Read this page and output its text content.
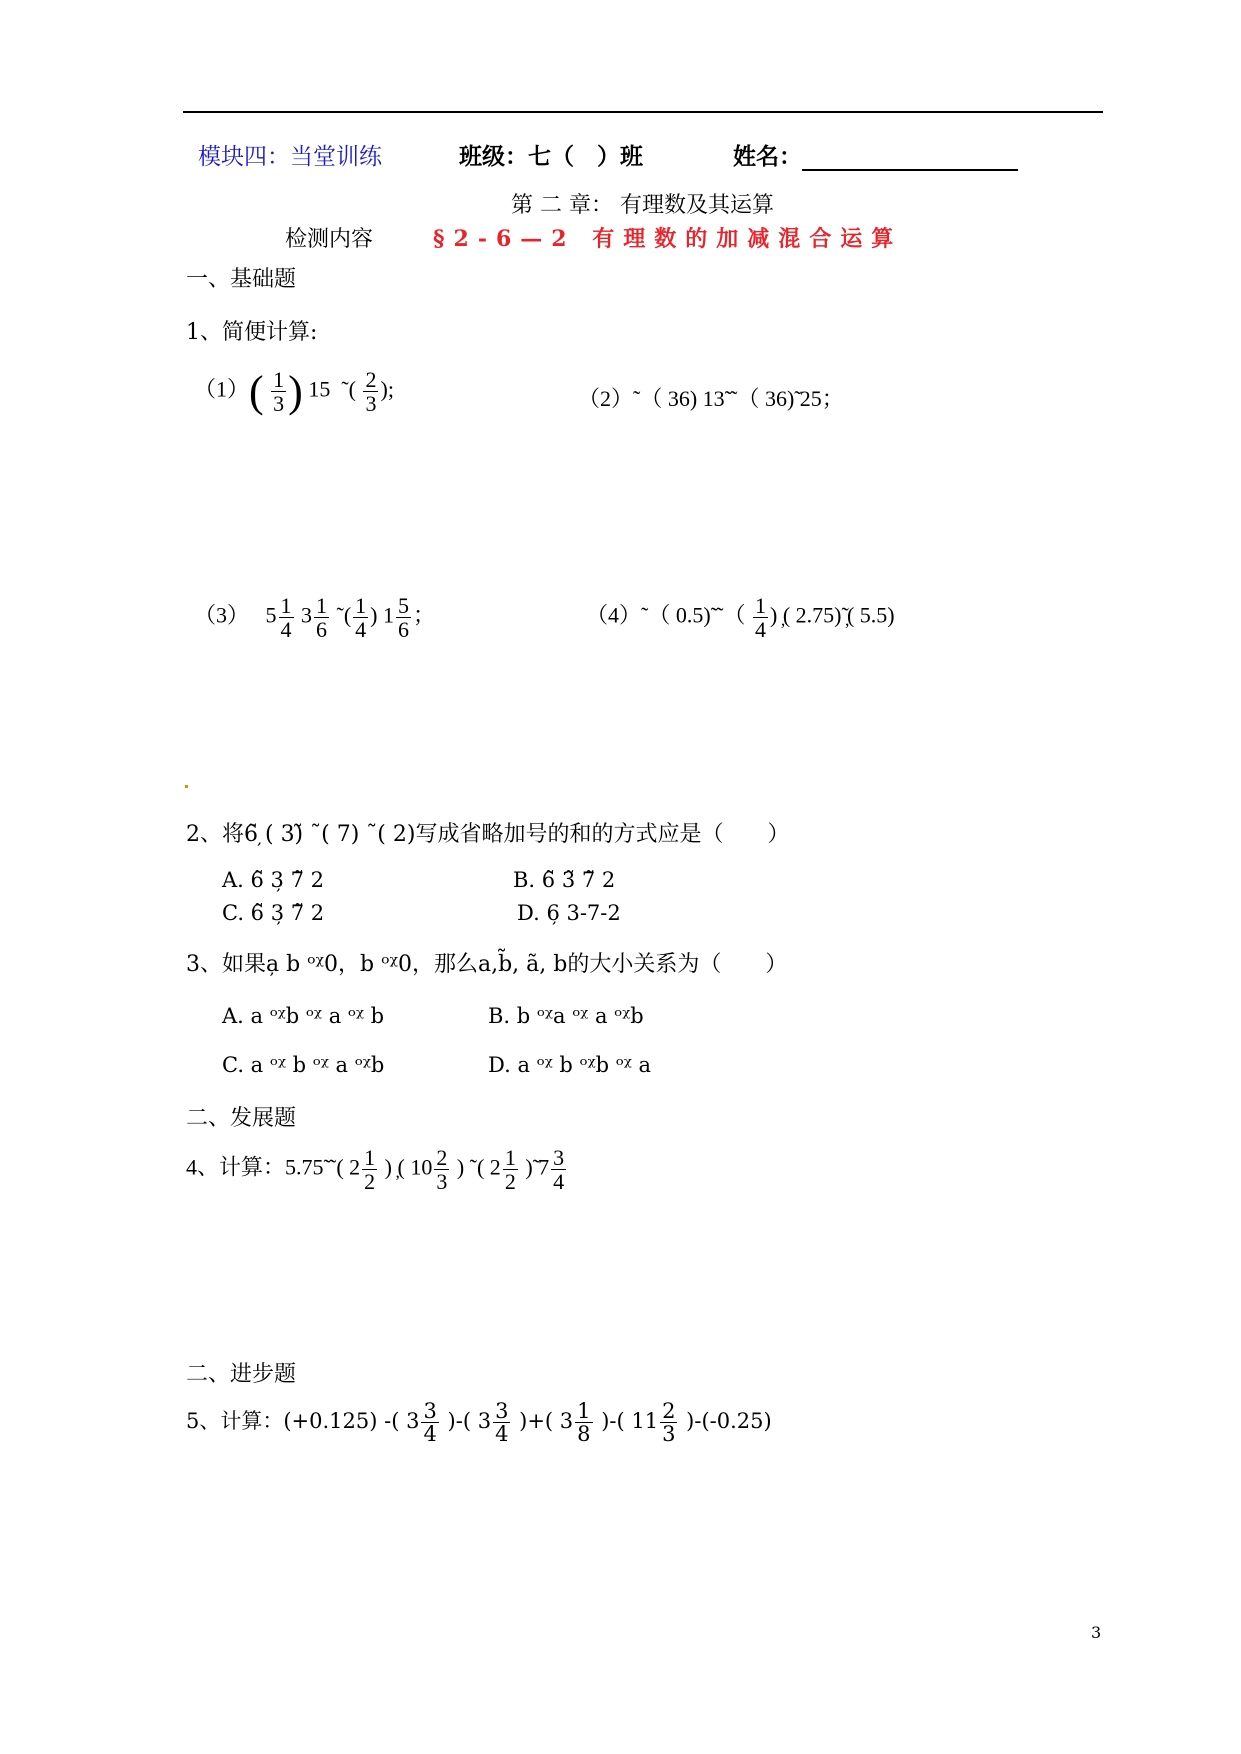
模块四：当堂训练	班级：七（　）班	姓名：
第 二 章： 有理数及其运算
检测内容	§2-6—2 有理数的加减混合运算
一、基础题
1、简便计算:
$(1)( \frac{1}{3}$ ) 15 ˜( $\frac{2}{3}$ );	（2）˜（ 36) 13̃ ˜（ 36)̃ 25；
（3） $5 \frac{1}{4} 3 \frac{1}{6}$ ˜( $\frac{1}{4}$ ) $1 \frac{5}{6}$ ；	（4）˜（ 0.5)̃ ˜（ $\frac{1}{4}$ ) ̦( 2.75)̃ ̦( 5.5)
2、将6̃ ̦( 3)̃ ˜( 7) ˜( 2)写成省略加号的和的方式应是（　　）
A. 6̃ 3̦ 7̃ 2	B. 6̃ 3̃ 7̃ 2
C. 6̃ 3̦ 7̃ 2	D. 6̦ 3-7-2
3、如果a̦ b ᵒᵡ0，b ᵒᵡ0，那么a,b̃, ã, b的大小关系为（　　）
A. a ᵒᵡb ᵒᵡ a ᵒᵡ b	B. b ᵒᵡa ᵒᵡ a ᵒᵡb
C. a ᵒᵡ b ᵒᵡ a ᵒᵡb	D. a ᵒᵡ b ᵒᵡb ᵒᵡ a
二、发展题
4、计算：5.75̃ ˜( $2 \frac{1}{2}$ ) ̦( $10 \frac{2}{3}$ ) ˜( $2 \frac{1}{2}$ )̃ $7 \frac{3}{4}$
二、进步题
5、计算：(+0.125) -( $3 \frac{3}{4}$ )-( $3 \frac{3}{4}$ )+( $3 \frac{1}{8}$ )-( $11 \frac{2}{3} )-(-0.25)$
3
